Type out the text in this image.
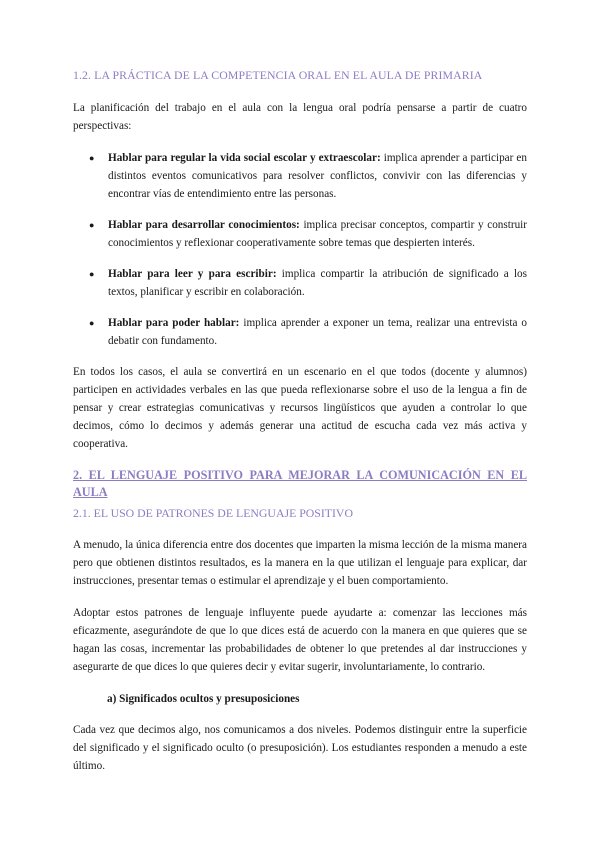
1.2. LA PRÁCTICA DE LA COMPETENCIA ORAL EN EL AULA DE PRIMARIA

La planificación del trabajo en el aula con la lengua oral podría pensarse a partir de cuatro perspectivas:

● Hablar para regular la vida social escolar y extraescolar: implica aprender a participar en distintos eventos comunicativos para resolver conflictos, convivir con las diferencias y encontrar vías de entendimiento entre las personas.
● Hablar para desarrollar conocimientos: implica precisar conceptos, compartir y construir conocimientos y reflexionar cooperativamente sobre temas que despierten interés.
● Hablar para leer y para escribir: implica compartir la atribución de significado a los textos, planificar y escribir en colaboración.
● Hablar para poder hablar: implica aprender a exponer un tema, realizar una entrevista o debatir con fundamento.

En todos los casos, el aula se convertirá en un escenario en el que todos (docente y alumnos) participen en actividades verbales en las que pueda reflexionarse sobre el uso de la lengua a fin de pensar y crear estrategias comunicativas y recursos lingüísticos que ayuden a controlar lo que decimos, cómo lo decimos y además generar una actitud de escucha cada vez más activa y cooperativa.

2. EL LENGUAJE POSITIVO PARA MEJORAR LA COMUNICACIÓN EN EL
AULA
2.1. EL USO DE PATRONES DE LENGUAJE POSITIVO

A menudo, la única diferencia entre dos docentes que imparten la misma lección de la misma manera pero que obtienen distintos resultados, es la manera en la que utilizan el lenguaje para explicar, dar instrucciones, presentar temas o estimular el aprendizaje y el buen comportamiento.

Adoptar estos patrones de lenguaje influyente puede ayudarte a: comenzar las lecciones más eficazmente, asegurándote de que lo que dices está de acuerdo con la manera en que quieres que se hagan las cosas, incrementar las probabilidades de obtener lo que pretendes al dar instrucciones y asegurarte de que dices lo que quieres decir y evitar sugerir, involuntariamente, lo contrario.

a) Significados ocultos y presuposiciones

Cada vez que decimos algo, nos comunicamos a dos niveles. Podemos distinguir entre la superficie del significado y el significado oculto (o presuposición). Los estudiantes responden a menudo a este último.
